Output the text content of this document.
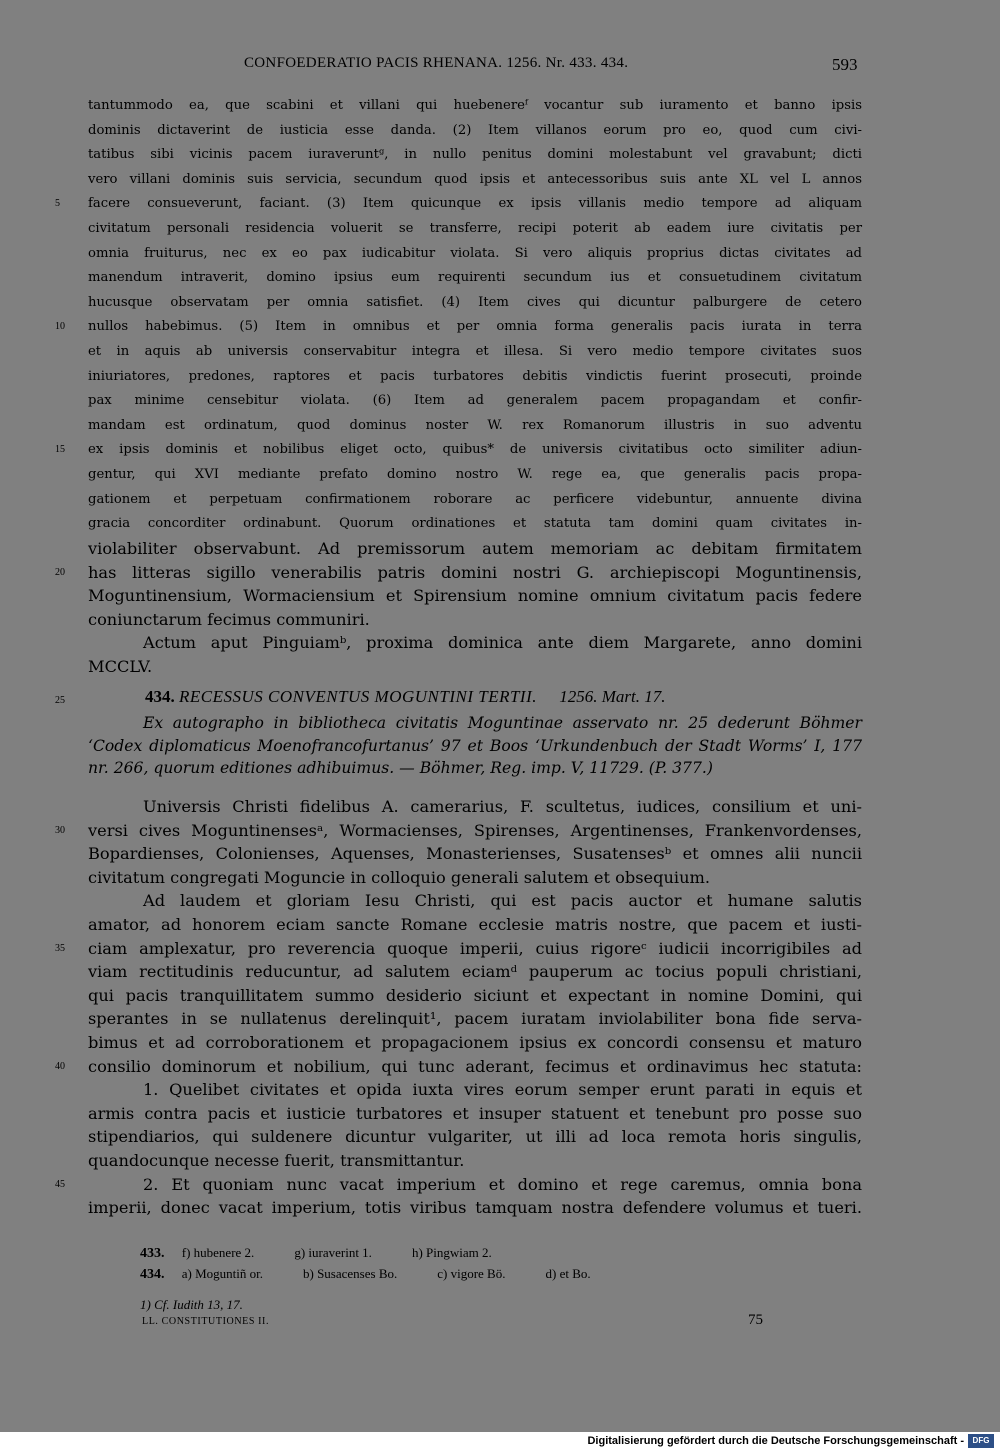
CONFOEDERATIO PACIS RHENANA. 1256. Nr. 433. 434.	593
tantummodo ea, que scabini et villani qui huebenereᶠ vocantur sub iuramento et banno ipsis
dominis dictaverint de iusticia esse danda. (2) Item villanos eorum pro eo, quod cum civi-
tatibus sibi vicinis pacem iuraveruntᵍ, in nullo penitus domini molestabunt vel gravabunt; dicti
vero villani dominis suis servicia, secundum quod ipsis et antecessoribus suis ante XL vel L annos
facere consueverunt, faciant. (3) Item quicunque ex ipsis villanis medio tempore ad aliquam
5
civitatum personali residencia voluerit se transferre, recipi poterit ab eadem iure civitatis per
omnia fruiturus, nec ex eo pax iudicabitur violata. Si vero aliquis proprius dictas civitates ad
manendum intraverit, domino ipsius eum requirenti secundum ius et consuetudinem civitatum
hucusque observatam per omnia satisfiet. (4) Item cives qui dicuntur palburgere de cetero
nullos habebimus. (5) Item in omnibus et per omnia forma generalis pacis iurata in terra
10
et in aquis ab universis conservabitur integra et illesa. Si vero medio tempore civitates suos
iniuriatores, predones, raptores et pacis turbatores debitis vindictis fuerint prosecuti, proinde
pax minime censebitur violata. (6) Item ad generalem pacem propagandam et confir-
mandam est ordinatum, quod dominus noster W. rex Romanorum illustris in suo adventu
ex ipsis dominis et nobilibus eliget octo, quibus* de universis civitatibus octo similiter adiun-
15
gentur, qui XVI mediante prefato domino nostro W. rege ea, que generalis pacis propa-
gationem et perpetuam confirmationem roborare ac perficere videbuntur, annuente divina
gracia concorditer ordinabunt. Quorum ordinationes et statuta tam domini quam civitates in-
violabiliter observabunt. Ad premissorum autem memoriam ac debitam firmitatem
has litteras sigillo venerabilis patris domini nostri G. archiepiscopi Moguntinensis,
20
Moguntinensium, Wormaciensium et Spirensium nomine omnium civitatum pacis federe
coniunctarum fecimus communiri.
Actum aput Pinguiamᵇ, proxima dominica ante diem Margarete, anno domini
MCCLV.
25	434. RECESSUS CONVENTUS MOGUNTINI TERTII. 1256. Mart. 17.
Ex autographo in bibliotheca civitatis Moguntinae asservato nr. 25 dederunt Böhmer
‘Codex diplomaticus Moenofrancofurtanus’ 97 et Boos ‘Urkundenbuch der Stadt Worms’ I, 177
nr. 266, quorum editiones adhibuimus. — Böhmer, Reg. imp. V, 11729. (P. 377.)
Universis Christi fidelibus A. camerarius, F. scultetus, iudices, consilium et uni-
versi cives Moguntinensesᵃ, Wormacienses, Spirenses, Argentinenses, Frankenvordenses,
30
Bopardienses, Colonienses, Aquenses, Monasterienses, Susatensesᵇ et omnes alii nuncii
civitatum congregati Moguncie in colloquio generali salutem et obsequium.
Ad laudem et gloriam Iesu Christi, qui est pacis auctor et humane salutis
amator, ad honorem eciam sancte Romane ecclesie matris nostre, que pacem et iusti-
ciam amplexatur, pro reverencia quoque imperii, cuius rigoreᶜ iudicii incorrigibiles ad
35
viam rectitudinis reducuntur, ad salutem eciamᵈ pauperum ac tocius populi christiani,
qui pacis tranquillitatem summo desiderio siciunt et expectant in nomine Domini, qui
sperantes in se nullatenus derelinquit¹, pacem iuratam inviolabiliter bona fide serva-
bimus et ad corroborationem et propagacionem ipsius ex concordi consensu et maturo
consilio dominorum et nobilium, qui tunc aderant, fecimus et ordinavimus hec statuta:
40
1. Quelibet civitates et opida iuxta vires eorum semper erunt parati in equis et
armis contra pacis et iusticie turbatores et insuper statuent et tenebunt pro posse suo
stipendiarios, qui suldenere dicuntur vulgariter, ut illi ad loca remota horis singulis,
quandocunque necesse fuerit, transmittantur.
2. Et quoniam nunc vacat imperium et domino et rege caremus, omnia bona
45
imperii, donec vacat imperium, totis viribus tamquam nostra defendere volumus et tueri.
433. f) hubenere 2.	g) iuraverint 1.	h) Pingwiam 2.
434. a) Moguntiñ or.	b) Susacenses Bo.	c) vigore Bö.	d) et Bo.
1) Cf. Iudith 13, 17.
LL. CONSTITUTIONES II.	75
Digitalisierung gefördert durch die Deutsche Forschungsgemeinschaft -	DFG
